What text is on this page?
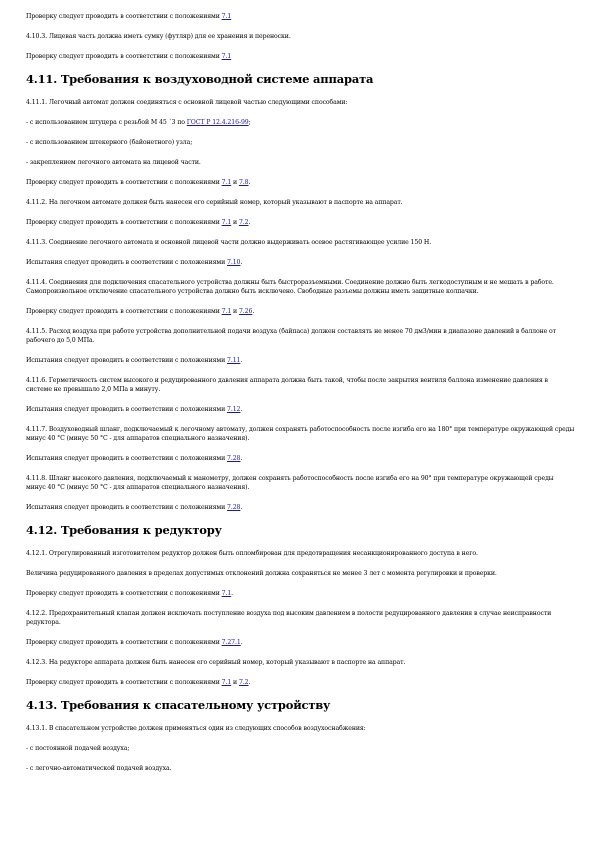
Проверку следует проводить в соответствии с положениями 7.1

4.10.3. Лицевая часть должна иметь сумку (футляр) для ее хранения и переноски.

Проверку следует проводить в соответствии с положениями 7.1

4.11. Требования к воздуховодной системе аппарата

4.11.1. Легочный автомат должен соединяться с основной лицевой частью следующими способами:

- с использованием штуцера с резьбой М 45 ´3 по ГОСТ Р 12.4.216-99;

- с использованием штекерного (байонетного) узла;

- закреплением легочного автомата на лицевой части.

Проверку следует проводить в соответствии с положениями 7.1 и 7.8.

4.11.2. На легочном автомате должен быть нанесен его серийный номер, который указывают в паспорте на аппарат.

Проверку следует проводить в соответствии с положениями 7.1 и 7.2.

4.11.3. Соединение легочного автомата и основной лицевой части должно выдерживать осевое растягивающее усилие 150 Н.

Испытания следует проводить в соответствии с положениями 7.10.

4.11.4. Соединения для подключения спасательного устройства должны быть быстроразъемными. Соединение должно быть легкодоступным и не мешать в работе. Самопроизвольное отключение спасательного устройства должно быть исключено. Свободные разъемы должны иметь защитные колпачки.

Проверку следует проводить в соответствии с положениями 7.1 и 7.26.

4.11.5. Расход воздуха при работе устройства дополнительной подачи воздуха (байпаса) должен составлять не менее 70 дм3/мин в диапазоне давлений в баллоне от рабочего до 5,0 МПа.

Испытания следует проводить в соответствии с положениями 7.11.

4.11.6. Герметичность систем высокого и редуцированного давления аппарата должна быть такой, чтобы после закрытия вентиля баллона изменение давления в системе не превышало 2,0 МПа в минуту.

Испытания следует проводить в соответствии с положениями 7.12.

4.11.7. Воздуховодный шланг, подключаемый к легочному автомату, должен сохранять работоспособность после изгиба его на 180° при температуре окружающей среды минус 40 °С (минус 50 °С - для аппаратов специального назначения).

Испытания следует проводить в соответствии с положениями 7.28.

4.11.8. Шланг высокого давления, подключаемый к манометру, должен сохранять работоспособность после изгиба его на 90° при температуре окружающей среды минус 40 °С (минус 50 °С - для аппаратов специального назначения).

Испытания следует проводить в соответствии с положениями 7.28.

4.12. Требования к редуктору

4.12.1. Отрегулированный изготовителем редуктор должен быть опломбирован для предотвращения несанкционированного доступа в него.

Величина редуцированного давления в пределах допустимых отклонений должна сохраняться не менее 3 лет с момента регулировки и проверки.

Проверку следует проводить в соответствии с положениями 7.1.

4.12.2. Предохранительный клапан должен исключать поступление воздуха под высоким давлением в полости редуцированного давления в случае неисправности редуктора.

Проверку следует проводить в соответствии с положениями 7.27.1.

4.12.3. На редукторе аппарата должен быть нанесен его серийный номер, который указывают в паспорте на аппарат.

Проверку следует проводить в соответствии с положениями 7.1 и 7.2.

4.13. Требования к спасательному устройству

4.13.1. В спасательном устройстве должен применяться один из следующих способов воздухоснабжения:

- с постоянной подачей воздуха;

- с легочно-автоматической подачей воздуха.
